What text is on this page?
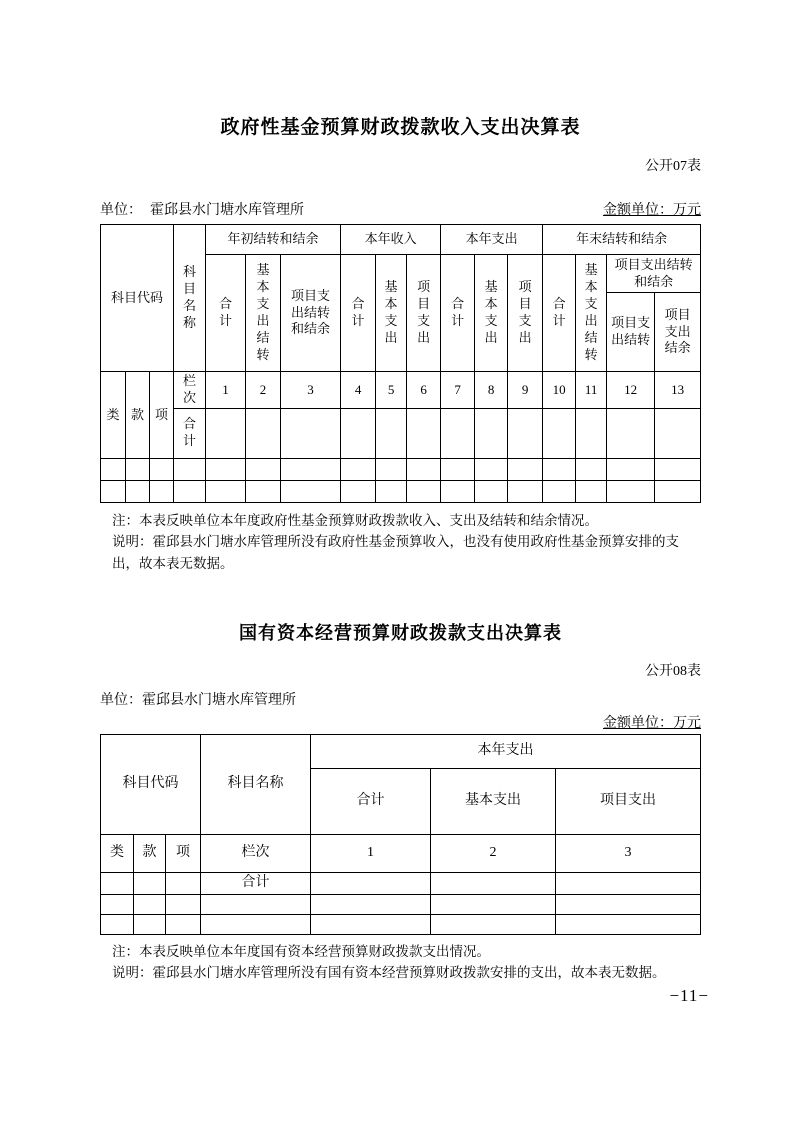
政府性基金预算财政拨款收入支出决算表
公开07表
单位： 霍邱县水门塘水库管理所	金额单位：万元
科目代码			科目名称	年初结转和结余			本年收入			本年支出			年末结转和结余			
				合计	基本支出结转	项目支出结转和结余	合计	基本支出	项目支出	合计	基本支出	项目支出	合计	基本支出结转	项目支出结转和结余	
															项目支出结转	项目支出结余
类	款	项	栏次	1	2	3	4	5	6	7	8	9	10	11	12	13
			合计													

注：本表反映单位本年度政府性基金预算财政拨款收入、支出及结转和结余情况。

说明：霍邱县水门塘水库管理所没有政府性基金预算收入，也没有使用政府性基金预算安排的支出，故本表无数据。

国有资本经营预算财政拨款支出决算表
公开08表
单位：霍邱县水门塘水库管理所
金额单位：万元
科目代码			科目名称	本年支出		
				合计	基本支出	项目支出
类	款	项	栏次	1	2	3
			合计			

注：本表反映单位本年度国有资本经营预算财政拨款支出情况。

说明：霍邱县水门塘水库管理所没有国有资本经营预算财政拨款安排的支出，故本表无数据。

−11−
